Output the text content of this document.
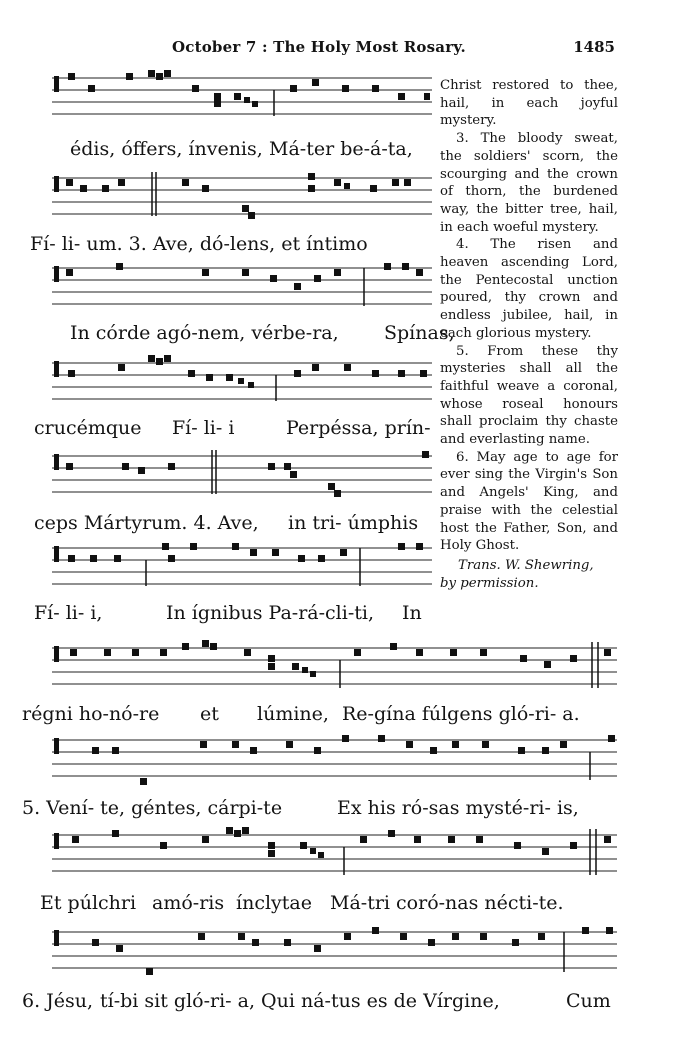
October 7 : The Holy Most Rosary.	1485
édis, óffers, ínvenis, Má-ter be-á-ta,
Fí- li- um. 3. Ave, dó-lens, et íntimo
In córde agó-nem, vérbe-ra, Spínas,
crucémque Fí- li- i	Perpéssa, prín-
ceps Mártyrum. 4. Ave, in tri- úmphis
Fí- li- i,	In ígnibus Pa-rá-cli-ti, In
régni ho-nó-re et lúmine, Re-gína fúlgens gló-ri- a.
5. Vení- te, géntes, cárpi-te	Ex his ró-sas mysté-ri- is,
Et púlchri amó-ris ínclytae Má-tri coró-nas nécti-te.
6. Jésu, tí-bi sit gló-ri- a, Qui ná-tus es de Vírgine,	Cum

Christ restored to thee, hail, in each joyful mystery.

3. The bloody sweat, the soldiers' scorn, the scourging and the crown of thorn, the burdened way, the bitter tree, hail, in each woeful mystery.

4. The risen and heaven ascending Lord, the Pentecostal unction poured, thy crown and endless jubilee, hail, in each glorious mystery.

5. From these thy mysteries shall all the faithful weave a coronal, whose roseal honours shall proclaim thy chaste and everlasting name.

6. May age to age for ever sing the Virgin's Son and Angels' King, and praise with the celestial host the Father, Son, and Holy Ghost.

Trans. W. Shewring,

by permission.
